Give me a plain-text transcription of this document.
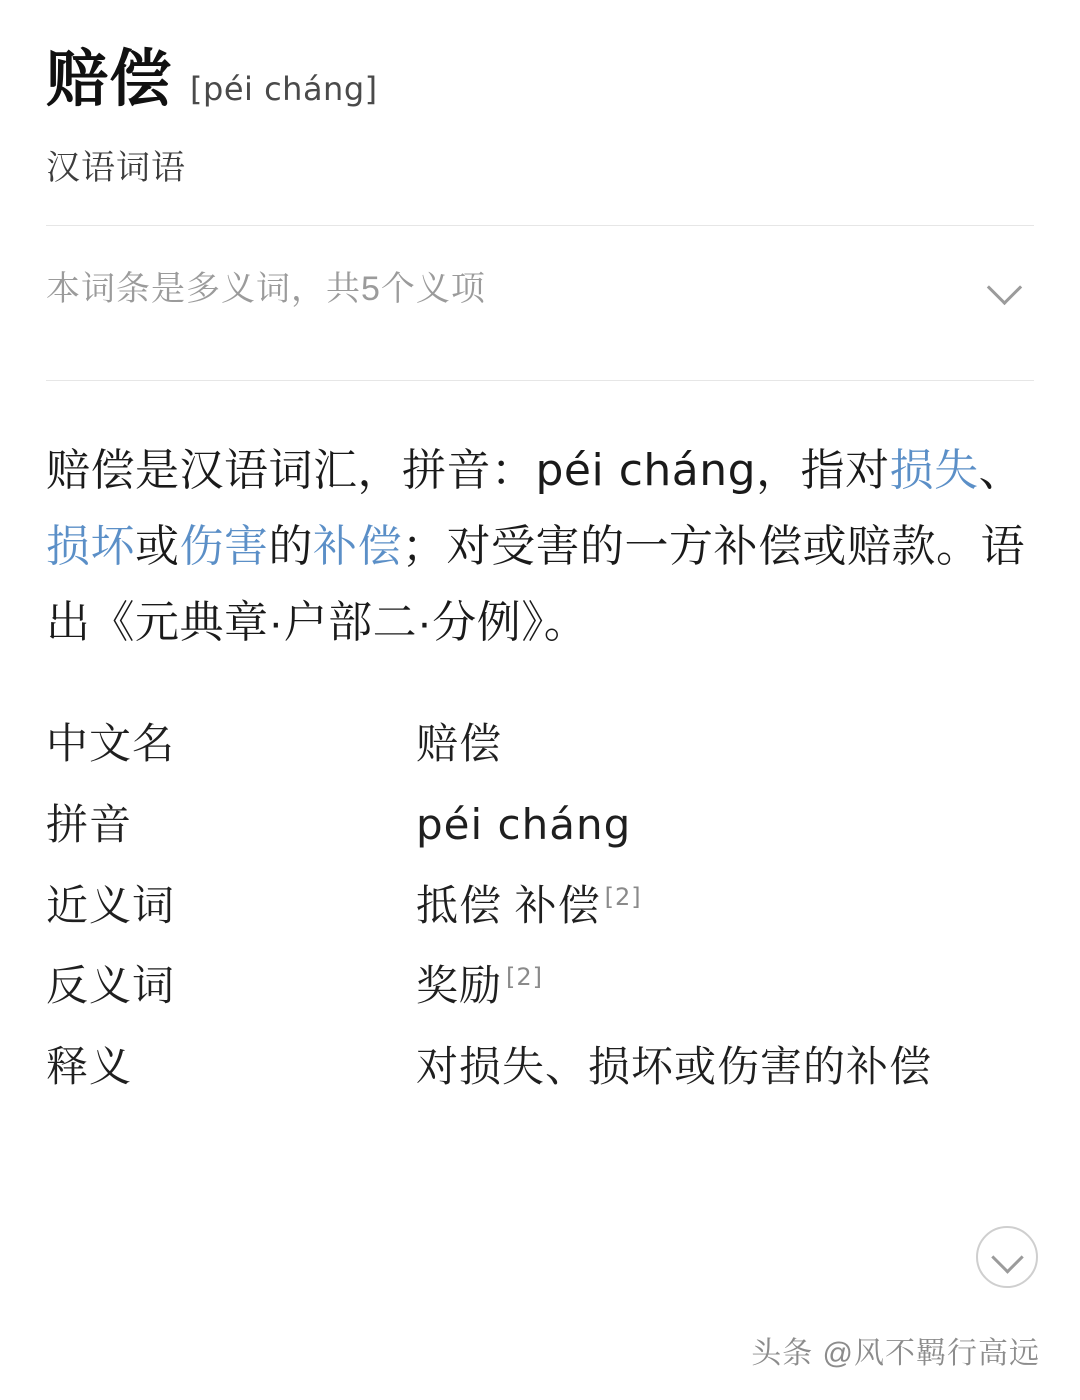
赔偿 [péi cháng]
汉语词语
本词条是多义词，共5个义项
赔偿是汉语词汇，拼音：péi cháng，指对损失、损坏或伤害的补偿；对受害的一方补偿或赔款。语出《元典章·户部二·分例》。
中文名	赔偿
拼音	péi cháng
近义词	抵偿 补偿 [2]
反义词	奖励 [2]
释义	对损失、损坏或伤害的补偿
头条 @风不羁行高远
